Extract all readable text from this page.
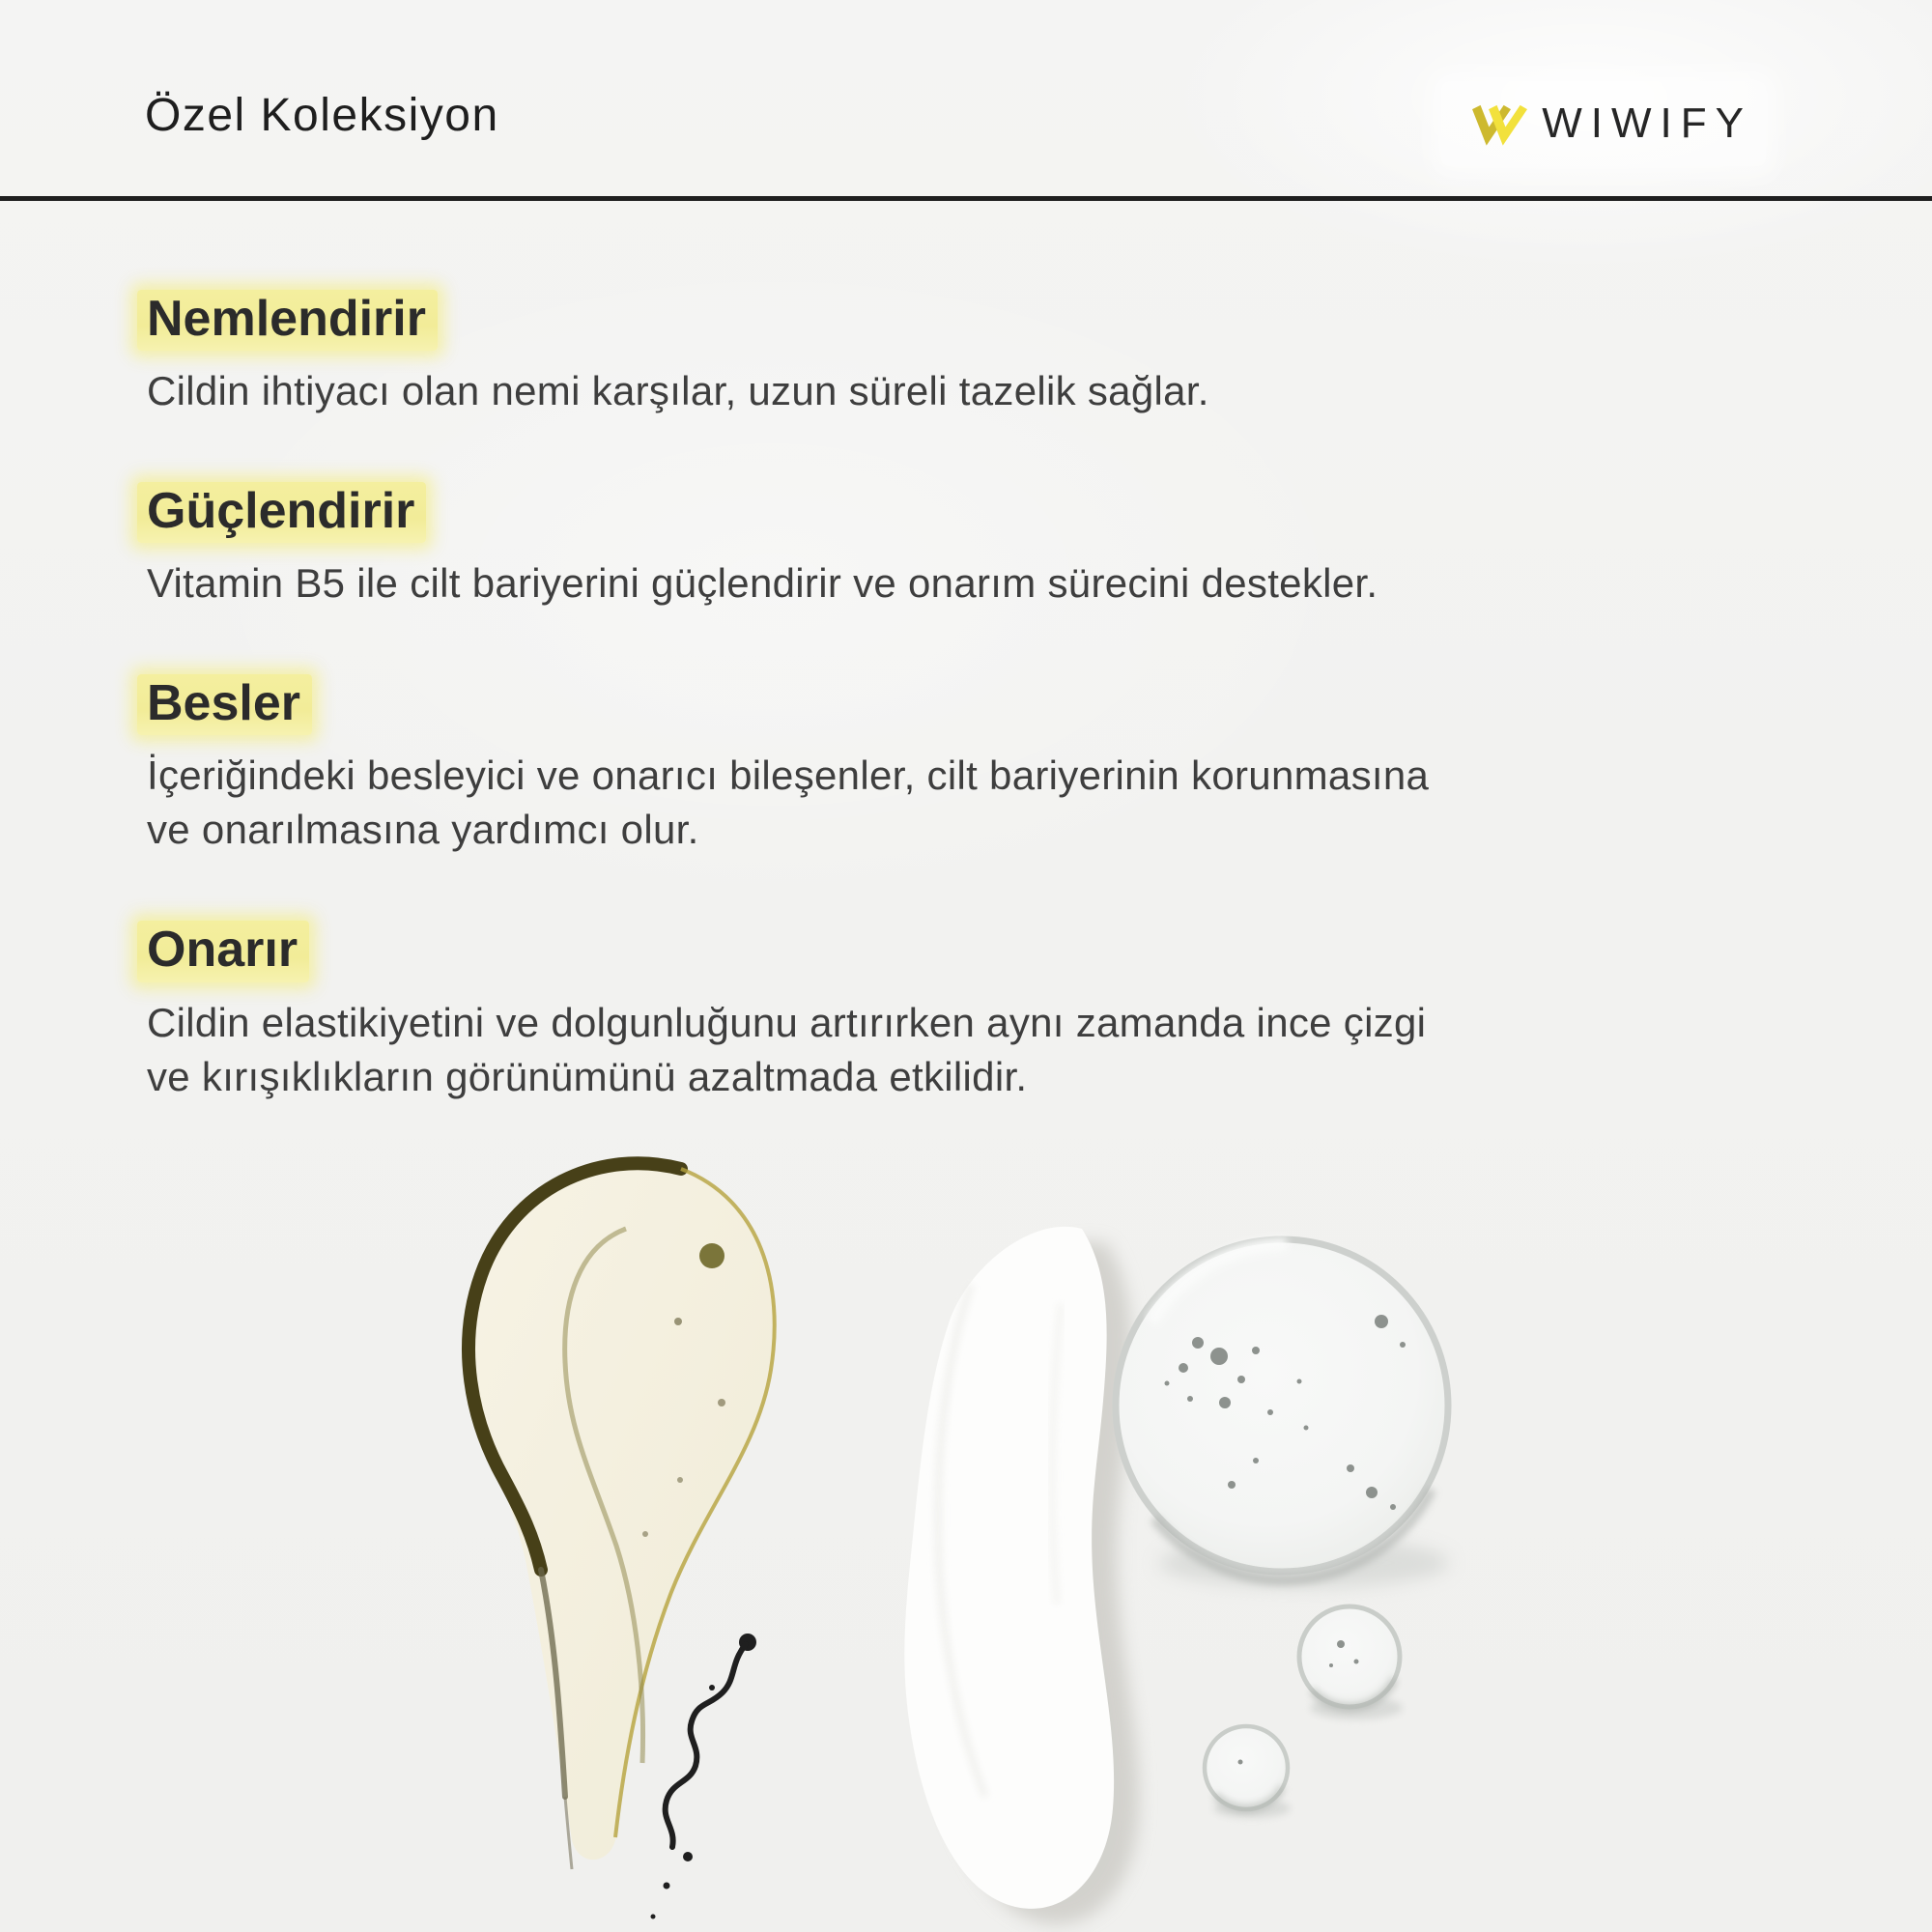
Özel Koleksiyon	WIWIFY
Nemlendirir
Cildin ihtiyacı olan nemi karşılar, uzun süreli tazelik sağlar.
Güçlendirir
Vitamin B5 ile cilt bariyerini güçlendirir ve onarım sürecini destekler.
Besler
İçeriğindeki besleyici ve onarıcı bileşenler, cilt bariyerinin korunmasına
ve onarılmasına yardımcı olur.
Onarır
Cildin elastikiyetini ve dolgunluğunu artırırken aynı zamanda ince çizgi
ve kırışıklıkların görünümünü azaltmada etkilidir.
